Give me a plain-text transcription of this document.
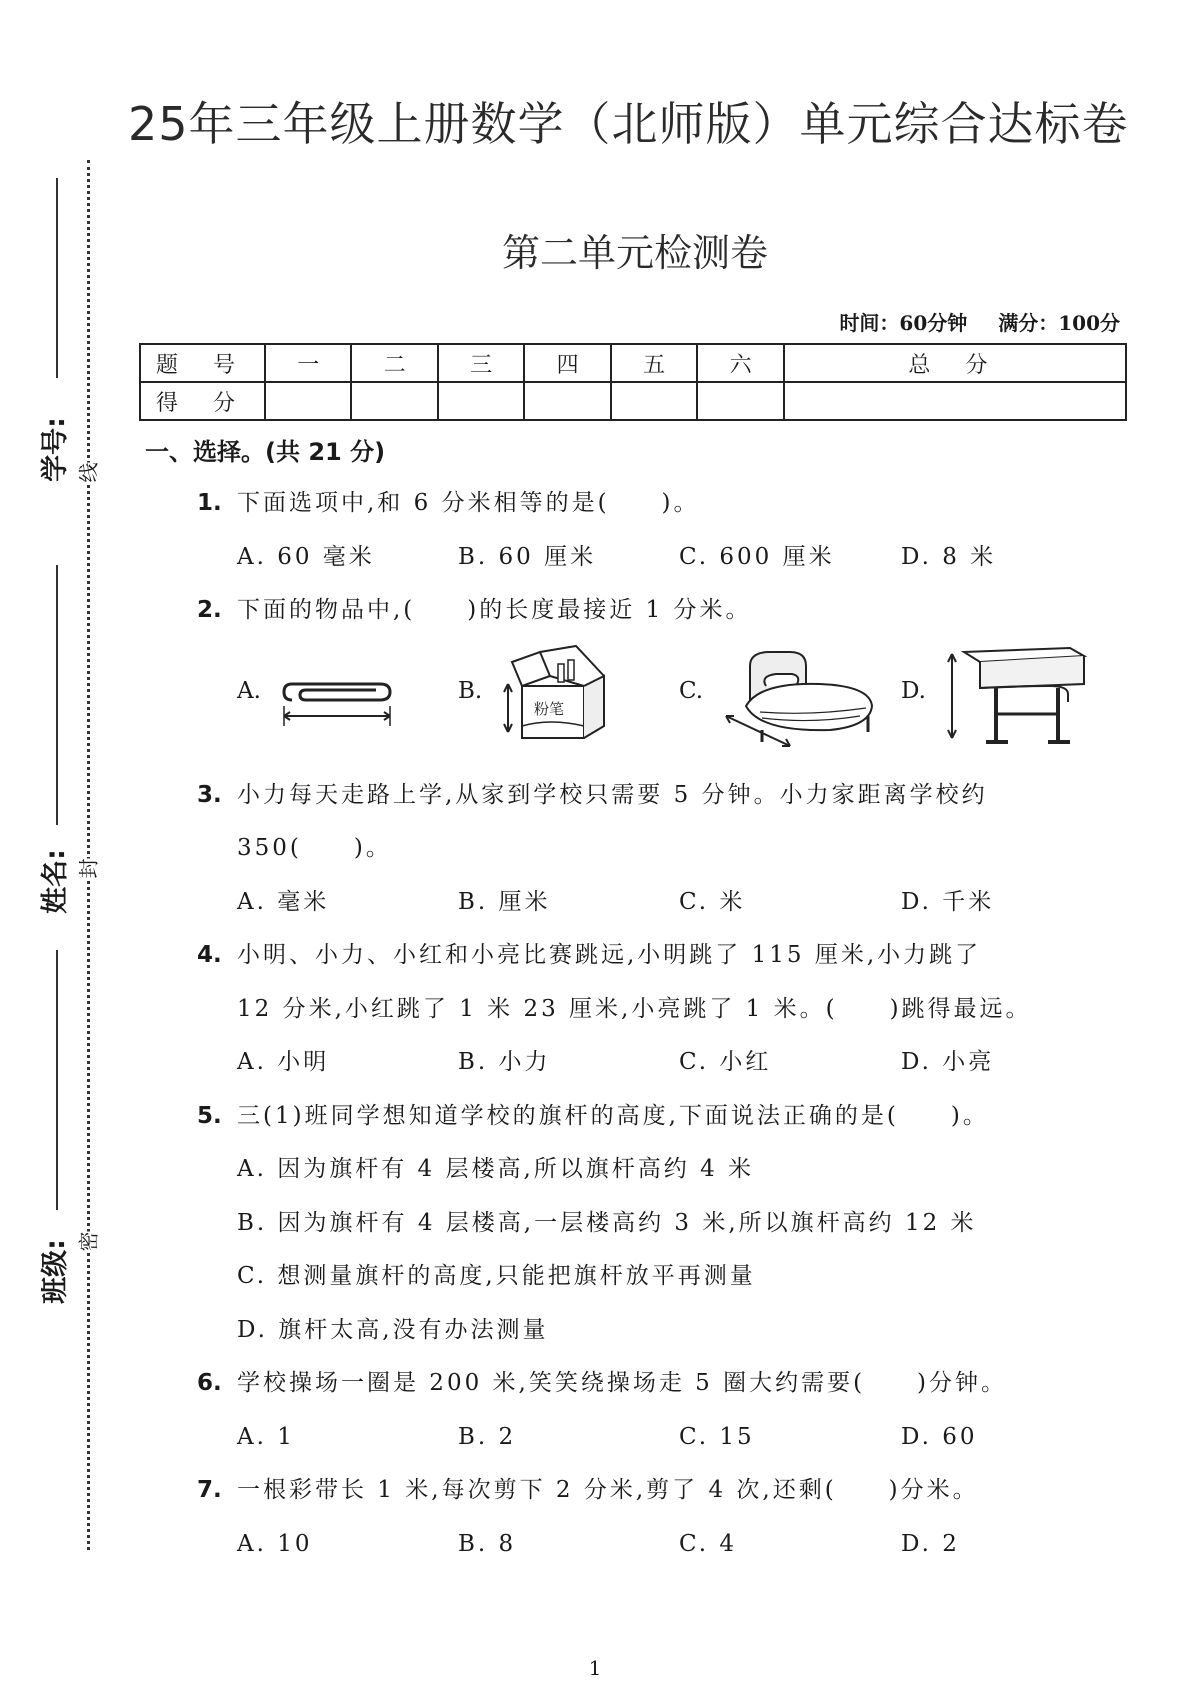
学号:
姓名:
班级:
线
封
密
25年三年级上册数学（北师版）单元综合达标卷
第二单元检测卷
时间：60分钟 满分：100分
题 号	一	二	三	四	五	六	总 分
得 分							
一、选择。(共 21 分)
1. 下面选项中,和 6 分米相等的是(　　)。
A. 60 毫米	B. 60 厘米	C. 600 厘米	D. 8 米
2. 下面的物品中,(　　)的长度最接近 1 分米。
A.	B.
粉笔
C.	D.
3. 小力每天走路上学,从家到学校只需要 5 分钟。小力家距离学校约
350(　　)。
A. 毫米	B. 厘米	C. 米	D. 千米
4. 小明、小力、小红和小亮比赛跳远,小明跳了 115 厘米,小力跳了
12 分米,小红跳了 1 米 23 厘米,小亮跳了 1 米。(　　)跳得最远。
A. 小明	B. 小力	C. 小红	D. 小亮
5. 三(1)班同学想知道学校的旗杆的高度,下面说法正确的是(　　)。
A. 因为旗杆有 4 层楼高,所以旗杆高约 4 米
B. 因为旗杆有 4 层楼高,一层楼高约 3 米,所以旗杆高约 12 米
C. 想测量旗杆的高度,只能把旗杆放平再测量
D. 旗杆太高,没有办法测量
6. 学校操场一圈是 200 米,笑笑绕操场走 5 圈大约需要(　　)分钟。
A. 1	B. 2	C. 15	D. 60
7. 一根彩带长 1 米,每次剪下 2 分米,剪了 4 次,还剩(　　)分米。
A. 10	B. 8	C. 4	D. 2
1
